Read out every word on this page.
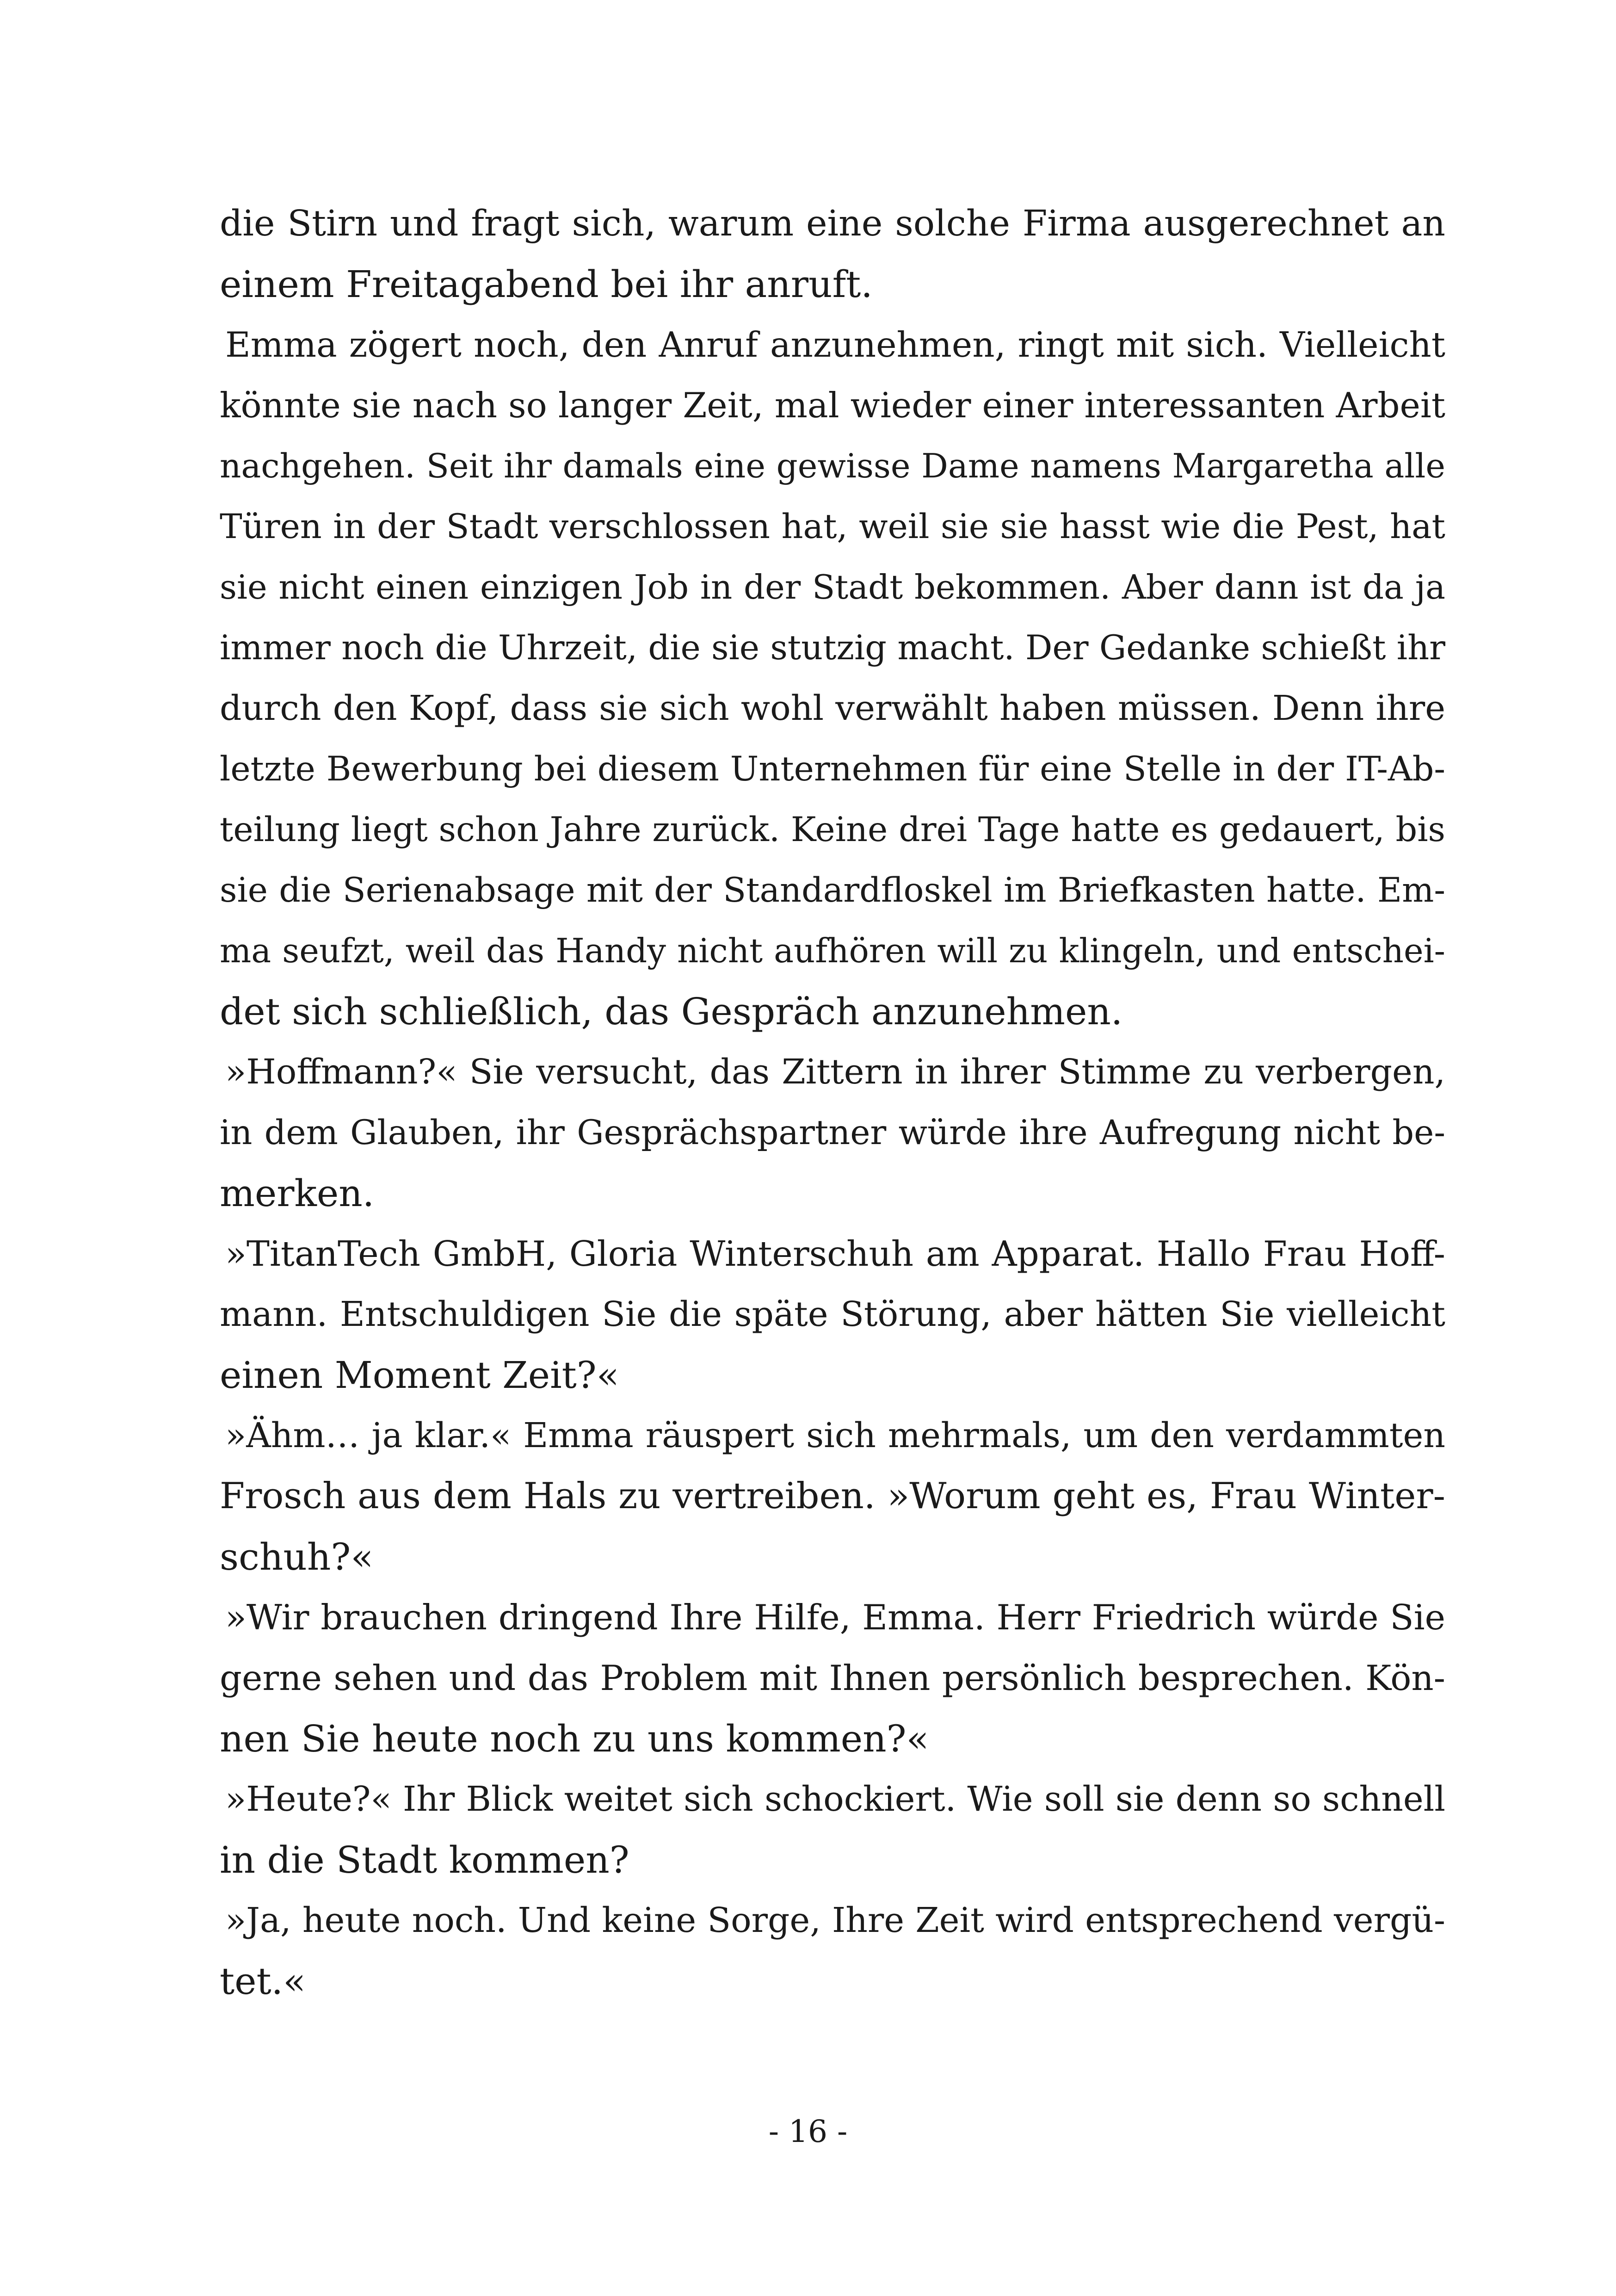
die Stirn und fragt sich, warum eine solche Firma ausgerechnet an
einem Freitagabend bei ihr anruft.
Emma zögert noch, den Anruf anzunehmen, ringt mit sich. Vielleicht
könnte sie nach so langer Zeit, mal wieder einer interessanten Arbeit
nachgehen. Seit ihr damals eine gewisse Dame namens Margaretha alle
Türen in der Stadt verschlossen hat, weil sie sie hasst wie die Pest, hat
sie nicht einen einzigen Job in der Stadt bekommen. Aber dann ist da ja
immer noch die Uhrzeit, die sie stutzig macht. Der Gedanke schießt ihr
durch den Kopf, dass sie sich wohl verwählt haben müssen. Denn ihre
letzte Bewerbung bei diesem Unternehmen für eine Stelle in der IT-Ab-
teilung liegt schon Jahre zurück. Keine drei Tage hatte es gedauert, bis
sie die Serienabsage mit der Standardfloskel im Briefkasten hatte. Em-
ma seufzt, weil das Handy nicht aufhören will zu klingeln, und entschei-
det sich schließlich, das Gespräch anzunehmen.
»Hoffmann?« Sie versucht, das Zittern in ihrer Stimme zu verbergen,
in dem Glauben, ihr Gesprächspartner würde ihre Aufregung nicht be-
merken.
»TitanTech GmbH, Gloria Winterschuh am Apparat. Hallo Frau Hoff-
mann. Entschuldigen Sie die späte Störung, aber hätten Sie vielleicht
einen Moment Zeit?«
»Ähm… ja klar.« Emma räuspert sich mehrmals, um den verdammten
Frosch aus dem Hals zu vertreiben. »Worum geht es, Frau Winter-
schuh?«
»Wir brauchen dringend Ihre Hilfe, Emma. Herr Friedrich würde Sie
gerne sehen und das Problem mit Ihnen persönlich besprechen. Kön-
nen Sie heute noch zu uns kommen?«
»Heute?« Ihr Blick weitet sich schockiert. Wie soll sie denn so schnell
in die Stadt kommen?
»Ja, heute noch. Und keine Sorge, Ihre Zeit wird entsprechend vergü-
tet.«
- 16 -
